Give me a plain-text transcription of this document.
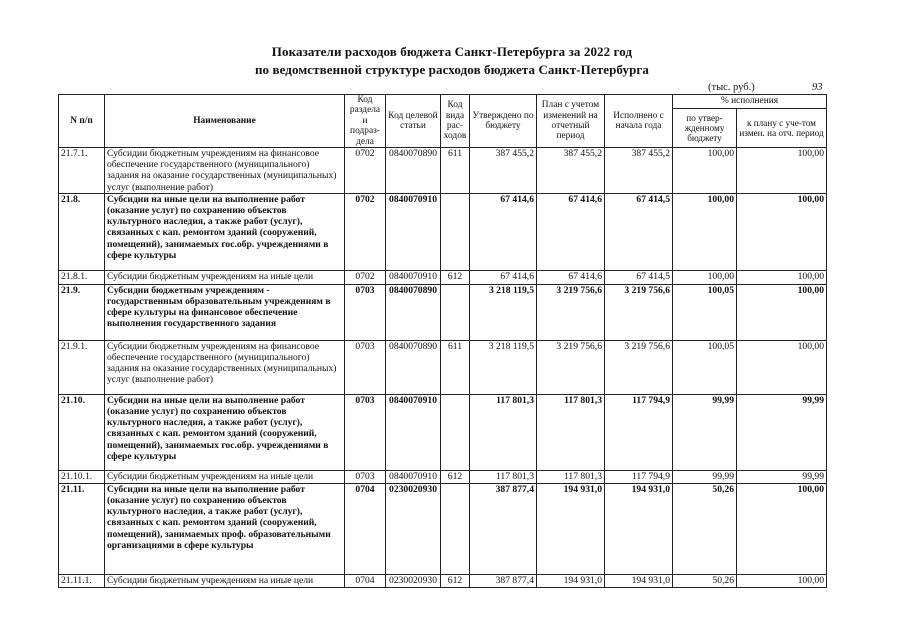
Показатели расходов бюджета Санкт-Петербурга за 2022 год
по ведомственной структуре расходов бюджета Санкт-Петербурга
(тыс. руб.)	93
N п/п	Наименование	Код раздела и подраз-дела	Код целевой статьи	Код вида рас-ходов	Утверждено по бюджету	План с учетом изменений на отчетный период	Исполнено с начала года	% исполнения	
								по утвер-жденному бюджету	к плану с уче-том измен. на отч. период
21.7.1.	Субсидии бюджетным учреждениям на финансовое обеспечение государственного (муниципального) задания на оказание государственных (муниципальных) услуг (выполнение работ)	0702	0840070890	611	387 455,2	387 455,2	387 455,2	100,00	100,00
21.8.	Субсидии на иные цели на выполнение работ (оказание услуг) по сохранению объектов культурного наследия, а также работ (услуг), связанных с кап. ремонтом зданий (сооружений, помещений), занимаемых гос.обр. учреждениями в сфере культуры	0702	0840070910		67 414,6	67 414,6	67 414,5	100,00	100,00
21.8.1.	Субсидии бюджетным учреждениям на иные цели	0702	0840070910	612	67 414,6	67 414,6	67 414,5	100,00	100,00
21.9.	Субсидии бюджетным учреждениям - государственным образовательным учреждениям в сфере культуры на финансовое обеспечение выполнения государственного задания	0703	0840070890		3 218 119,5	3 219 756,6	3 219 756,6	100,05	100,00
21.9.1.	Субсидии бюджетным учреждениям на финансовое обеспечение государственного (муниципального) задания на оказание государственных (муниципальных) услуг (выполнение работ)	0703	0840070890	611	3 218 119,5	3 219 756,6	3 219 756,6	100,05	100,00
21.10.	Субсидии на иные цели на выполнение работ (оказание услуг) по сохранению объектов культурного наследия, а также работ (услуг), связанных с кап. ремонтом зданий (сооружений, помещений), занимаемых гос.обр. учреждениями в сфере культуры	0703	0840070910		117 801,3	117 801,3	117 794,9	99,99	99,99
21.10.1.	Субсидии бюджетным учреждениям на иные цели	0703	0840070910	612	117 801,3	117 801,3	117 794,9	99,99	99,99
21.11.	Субсидии на иные цели на выполнение работ (оказание услуг) по сохранению объектов культурного наследия, а также работ (услуг), связанных с кап. ремонтом зданий (сооружений, помещений), занимаемых проф. образовательными организациями в сфере культуры	0704	0230020930		387 877,4	194 931,0	194 931,0	50,26	100,00
21.11.1.	Субсидии бюджетным учреждениям на иные цели	0704	0230020930	612	387 877,4	194 931,0	194 931,0	50,26	100,00
